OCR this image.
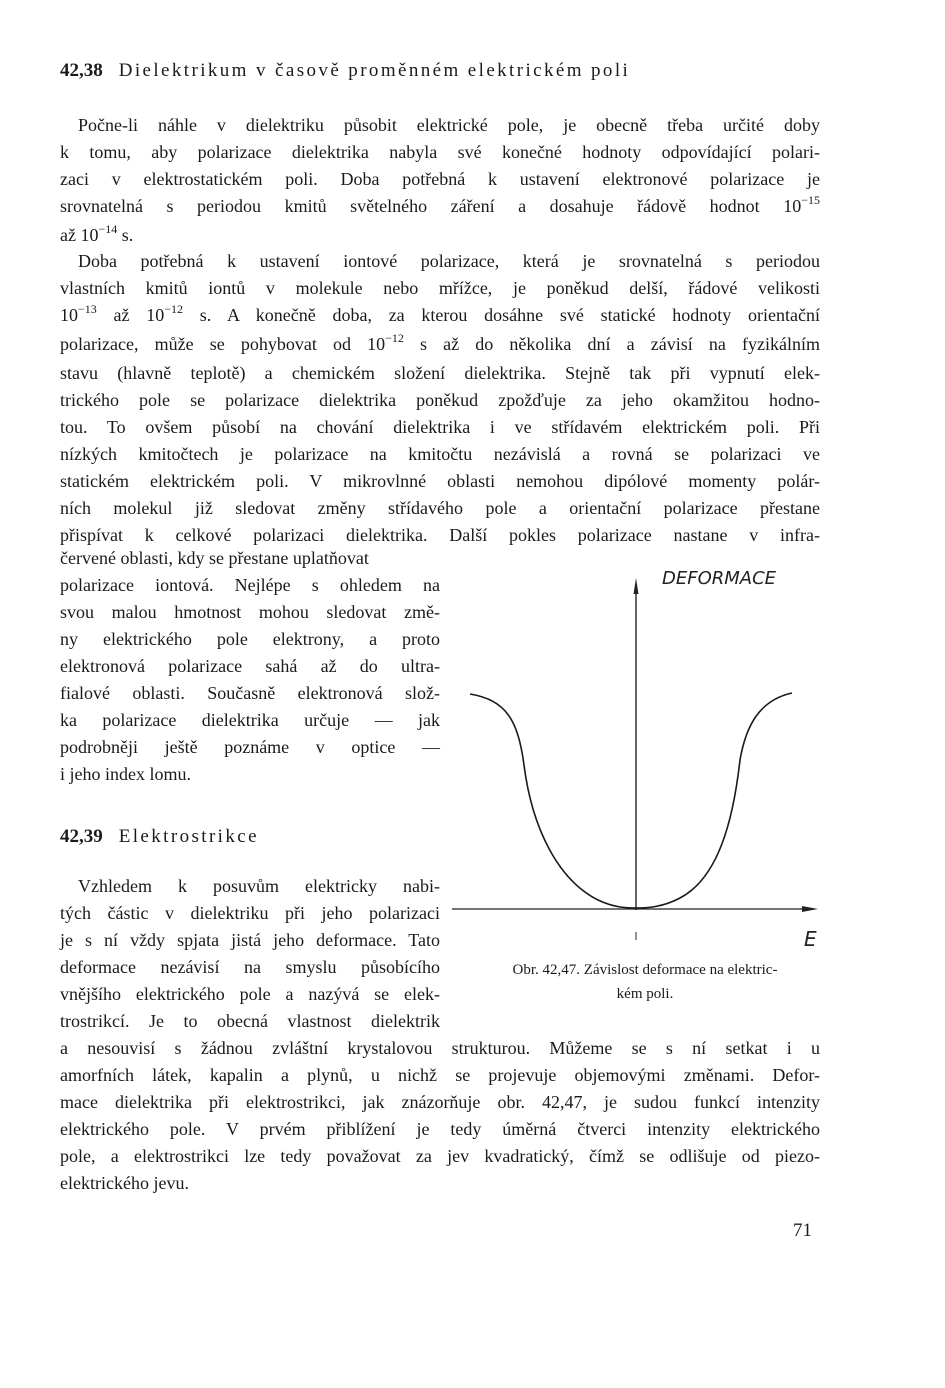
42,38 Dielektrikum v časově proměnném elektrickém poli
Počne-li náhle v dielektriku působit elektrické pole, je obecně třeba určité doby
k tomu, aby polarizace dielektrika nabyla své konečné hodnoty odpovídající polari-
zaci v elektrostatickém poli. Doba potřebná k ustavení elektronové polarizace je
srovnatelná s periodou kmitů světelného záření a dosahuje řádově hodnot $10^{-15}$
až $10^{-14}$ s.
Doba potřebná k ustavení iontové polarizace, která je srovnatelná s periodou
vlastních kmitů iontů v molekule nebo mřížce, je poněkud delší, řádové velikosti
$10^{-13}$ až $10^{-12}$ s. A konečně doba, za kterou dosáhne své statické hodnoty orientační
polarizace, může se pohybovat od $10^{-12}$ s až do několika dní a závisí na fyzikálním
stavu (hlavně teplotě) a chemickém složení dielektrika. Stejně tak při vypnutí elek-
trického pole se polarizace dielektrika poněkud zpožďuje za jeho okamžitou hodno-
tou. To ovšem působí na chování dielektrika i ve střídavém elektrickém poli. Při
nízkých kmitočtech je polarizace na kmitočtu nezávislá a rovná se polarizaci ve
statickém elektrickém poli. V mikrovlnné oblasti nemohou dipólové momenty polár-
ních molekul již sledovat změny střídavého pole a orientační polarizace přestane
přispívat k celkové polarizaci dielektrika. Další pokles polarizace nastane v infra-
červené oblasti, kdy se přestane uplatňovat
polarizace iontová. Nejlépe s ohledem na
svou malou hmotnost mohou sledovat změ-
ny elektrického pole elektrony, a proto
elektronová polarizace sahá až do ultra-
fialové oblasti. Současně elektronová slož-
ka polarizace dielektrika určuje — jak
podrobněji ještě poznáme v optice —
i jeho index lomu.
42,39 Elektrostrikce
Vzhledem k posuvům elektricky nabi-
tých částic v dielektriku při jeho polarizaci
je s ní vždy spjata jistá jeho deformace. Tato
deformace nezávisí na smyslu působícího
vnějšího elektrického pole a nazývá se elek-
trostrikcí. Je to obecná vlastnost dielektrik
a nesouvisí s žádnou zvláštní krystalovou strukturou. Můžeme se s ní setkat i u
amorfních látek, kapalin a plynů, u nichž se projevuje objemovými změnami. Defor-
mace dielektrika při elektrostrikci, jak znázorňuje obr. 42,47, je sudou funkcí intenzity
elektrického pole. V prvém přiblížení je tedy úměrná čtverci intenzity elektrického
pole, a elektrostrikci lze tedy považovat za jev kvadratický, čímž se odlišuje od piezo-
elektrického jevu.
DEFORMACE
E
Obr. 42,47. Závislost deformace na elektric-
kém poli.
71
